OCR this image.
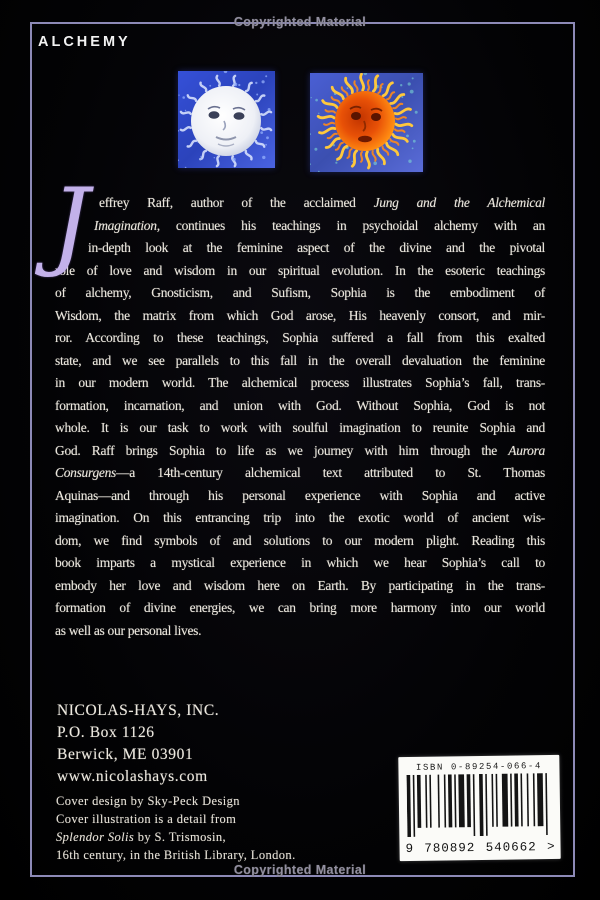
Copyrighted Material
ALCHEMY
J effrey Raff, author of the acclaimed Jung and the Alchemical
Imagination, continues his teachings in psychoidal alchemy with an
in-depth look at the feminine aspect of the divine and the pivotal
role of love and wisdom in our spiritual evolution. In the esoteric teachings
of alchemy, Gnosticism, and Sufism, Sophia is the embodiment of
Wisdom, the matrix from which God arose, His heavenly consort, and mir-
ror. According to these teachings, Sophia suffered a fall from this exalted
state, and we see parallels to this fall in the overall devaluation the feminine
in our modern world. The alchemical process illustrates Sophia’s fall, trans-
formation, incarnation, and union with God. Without Sophia, God is not
whole. It is our task to work with soulful imagination to reunite Sophia and
God. Raff brings Sophia to life as we journey with him through the Aurora
Consurgens—a 14th-century alchemical text attributed to St. Thomas
Aquinas—and through his personal experience with Sophia and active
imagination. On this entrancing trip into the exotic world of ancient wis-
dom, we find symbols of and solutions to our modern plight. Reading this
book imparts a mystical experience in which we hear Sophia’s call to
embody her love and wisdom here on Earth. By participating in the trans-
formation of divine energies, we can bring more harmony into our world
as well as our personal lives.
NICOLAS-HAYS, INC.
P.O. Box 1126
Berwick, ME 03901
www.nicolashays.com
Cover design by Sky-Peck Design
Cover illustration is a detail from
Splendor Solis by S. Trismosin,
16th century, in the British Library, London.
ISBN 0-89254-066-4
9 780892 540662 >
Copyrighted Material
